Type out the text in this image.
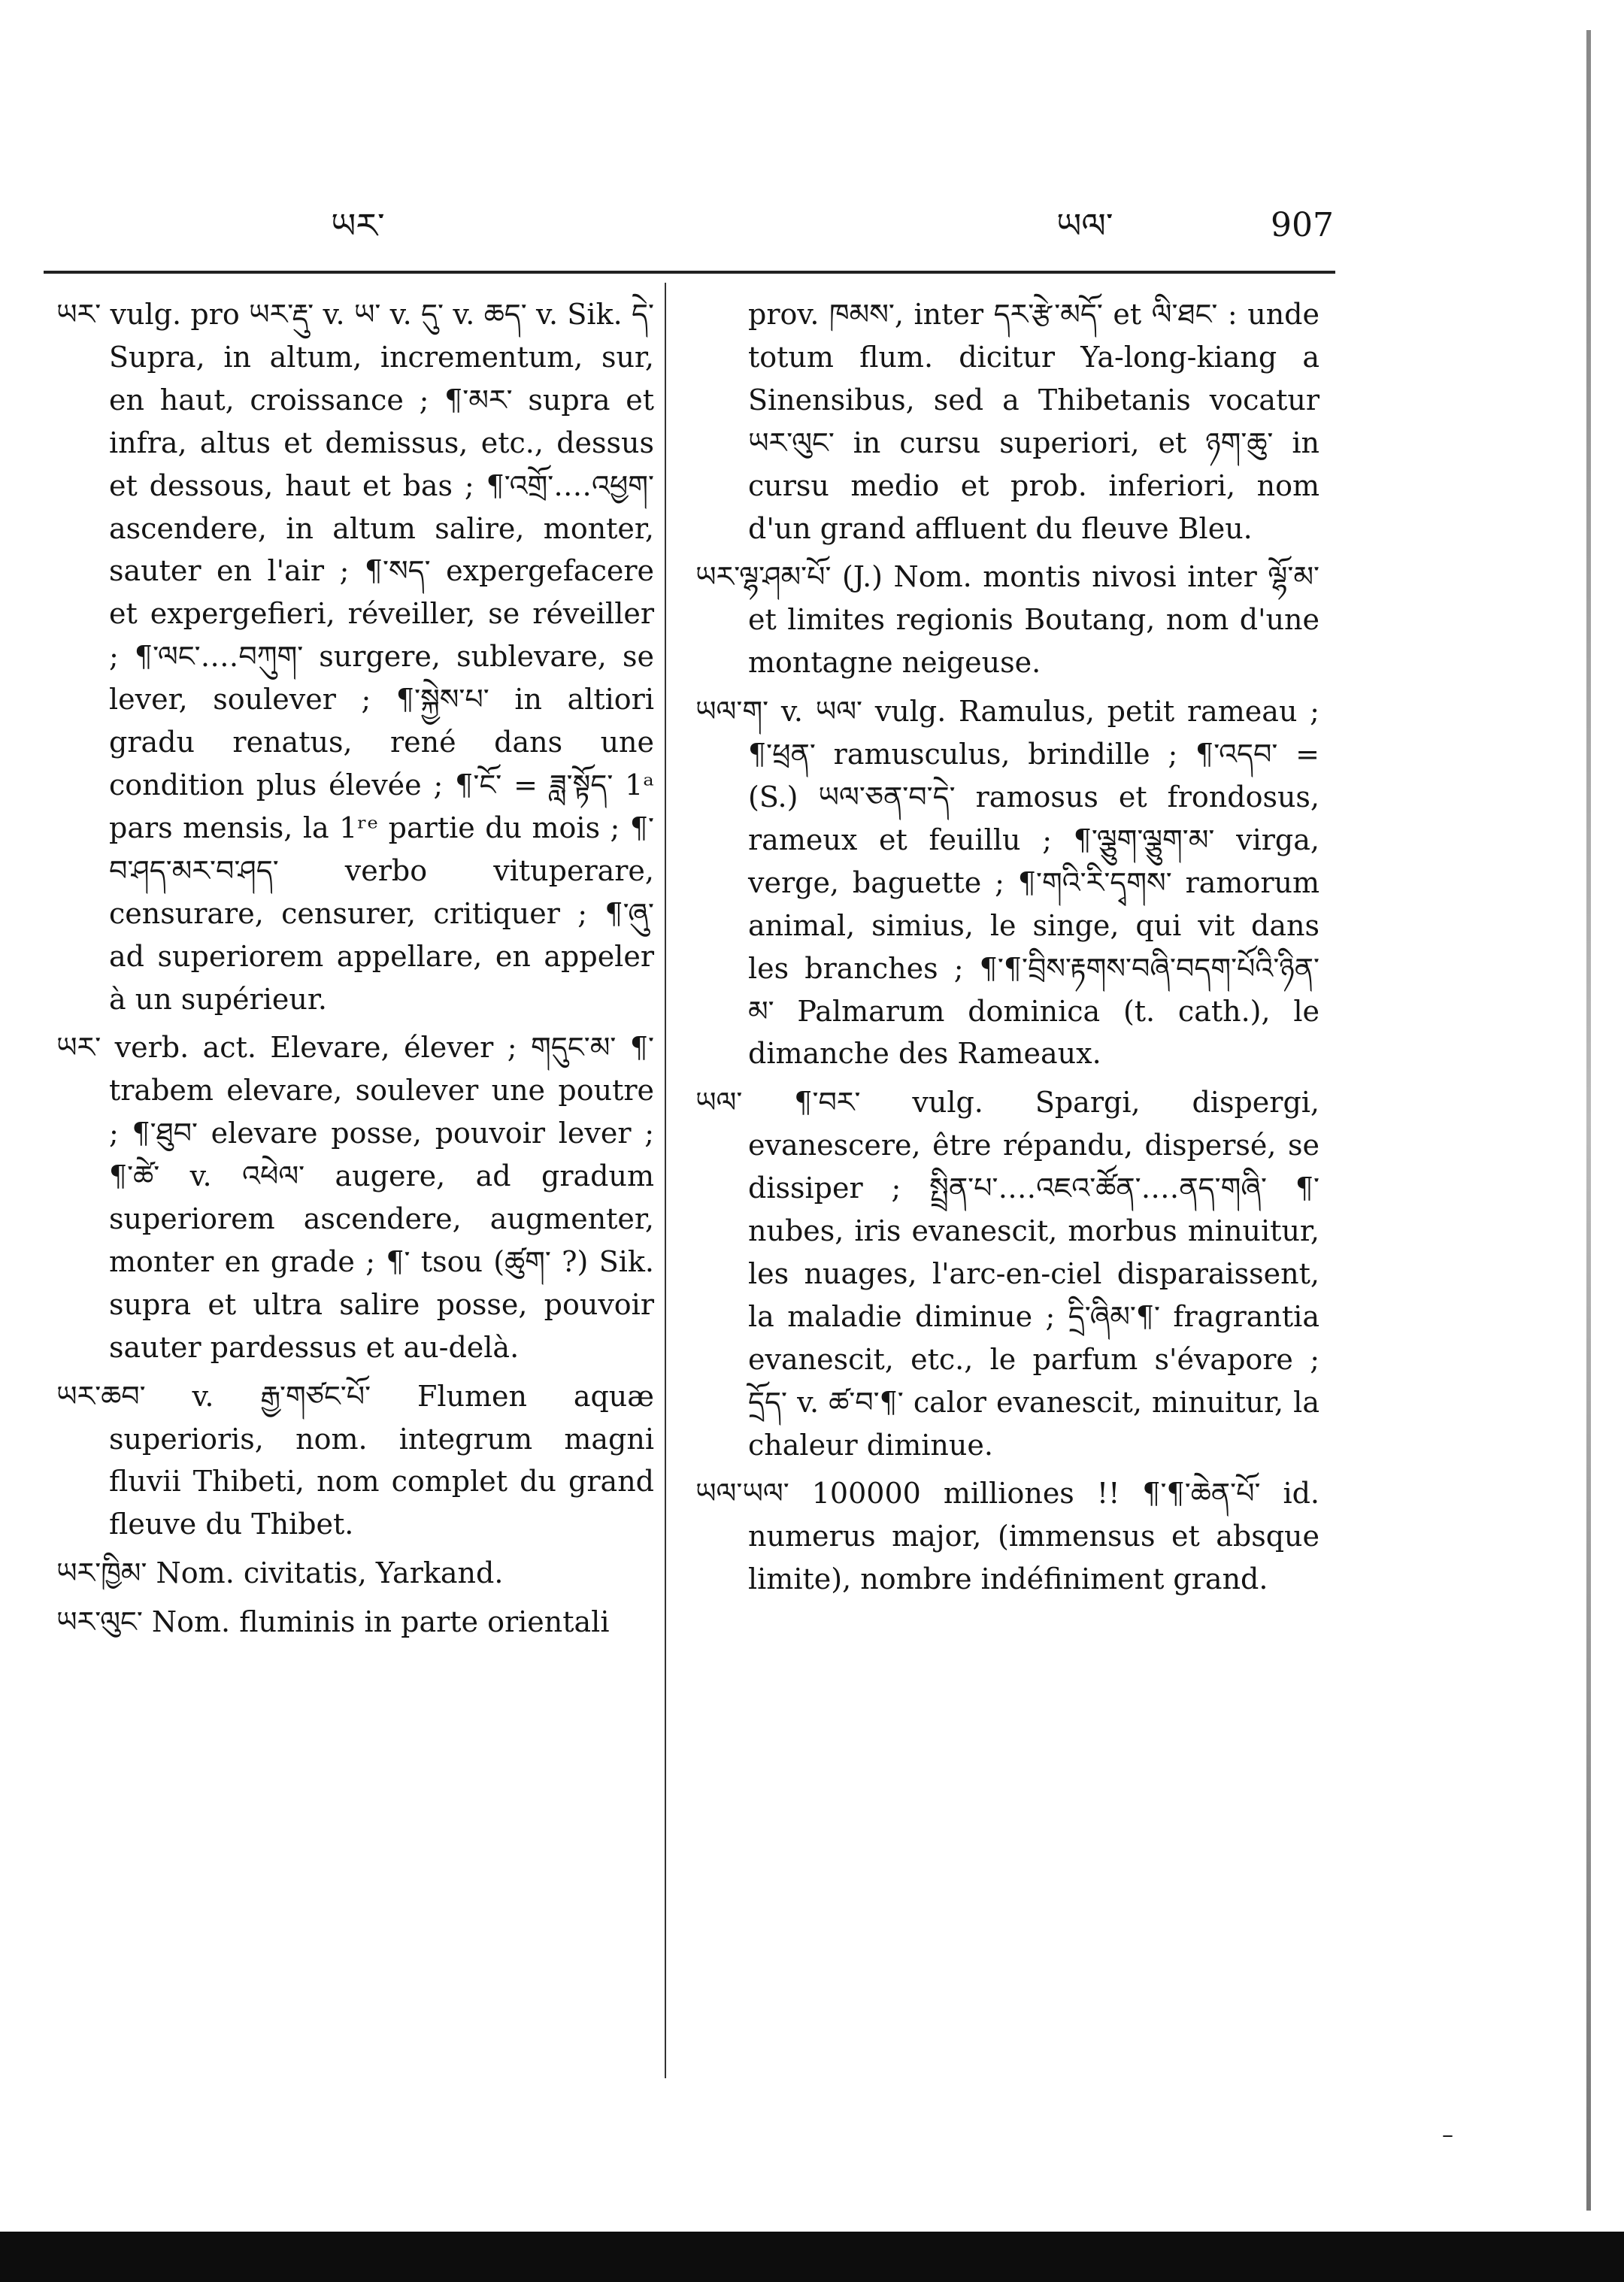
ཡར་	ཡལ་	907

ཡར་ vulg. pro ཡར་རྡུ་ v. ཡ་ v. དུ་ v. ཆད་ v. Sik. དེ་ Supra, in altum, incrementum, sur, en haut, croissance ; ¶་མར་ supra et infra, altus et demissus, etc., dessus et dessous, haut et bas ; ¶་འགྲོ་‥‥འཕྱག་ ascendere, in altum salire, monter, sauter en l'air ; ¶་སད་ expergefacere et expergefieri, réveiller, se réveiller ; ¶་ལང་‥‥བཀུག་ surgere, sublevare, se lever, soulever ; ¶་སྐྱེས་པ་ in altiori gradu renatus, rené dans une condition plus élevée ; ¶་ངོ་ = ཟླ་སྟོད་ 1ᵃ pars mensis, la 1ʳᵉ partie du mois ; ¶་བ་ཤད་མར་བ་ཤད་ verbo vituperare, censurare, censurer, critiquer ; ¶་ཞུ་ ad superiorem appellare, en appeler à un supérieur.

ཡར་ verb. act. Elevare, élever ; གདུང་མ་ ¶་ trabem elevare, soulever une poutre ; ¶་ཐུབ་ elevare posse, pouvoir lever ; ¶་ཚེ་ v. འཕེལ་ augere, ad gradum superiorem ascendere, augmenter, monter en grade ; ¶་ tsou (ཚུག་ ?) Sik. supra et ultra salire posse, pouvoir sauter pardessus et au-delà.

ཡར་ཆབ་ v. རྒྱ་གཙང་པོ་ Flumen aquæ superioris, nom. integrum magni fluvii Thibeti, nom complet du grand fleuve du Thibet.

ཡར་ཁྱིམ་ Nom. civitatis, Yarkand.

ཡར་ལུང་ Nom. fluminis in parte orientali

prov. ཁམས་, inter དར་རྩེ་མདོ་ et ལི་ཐང་ : unde totum flum. dicitur Ya-long-kiang a Sinensibus, sed a Thibetanis vocatur ཡར་ལུང་ in cursu superiori, et ཉག་ཆུ་ in cursu medio et prob. inferiori, nom d'un grand affluent du fleuve Bleu.

ཡར་ལྷ་ཤམ་པོ་ (J.) Nom. montis nivosi inter ལྷོ་མ་ et limites regionis Boutang, nom d'une montagne neigeuse.

ཡལ་ག་ v. ཡལ་ vulg. Ramulus, petit rameau ; ¶་ཕྲན་ ramusculus, brindille ; ¶་འདབ་ = (S.) ཡལ་ཅན་བ་དེ་ ramosus et frondosus, rameux et feuillu ; ¶་ལྕུག་ལྕུག་མ་ virga, verge, baguette ; ¶་གའི་རི་དྭགས་ ramorum animal, simius, le singe, qui vit dans les branches ; ¶་¶་བྲིས་རྟགས་བཞི་བདག་པོའི་ཉིན་མ་ Palmarum dominica (t. cath.), le dimanche des Rameaux.

ཡལ་ ¶་བར་ vulg. Spargi, dispergi, evanescere, être répandu, dispersé, se dissiper ; སྤྲིན་པ་‥‥འཇའ་ཚོན་‥‥ནད་གཞི་ ¶་ nubes, iris evanescit, morbus minuitur, les nuages, l'arc-en-ciel disparaissent, la maladie diminue ; དྲི་ཞིམ་¶་ fragrantia evanescit, etc., le parfum s'évapore ; དྲོད་ v. ཚ་བ་¶་ calor evanescit, minuitur, la chaleur diminue.

ཡལ་ཡལ་ 100000 milliones !! ¶་¶་ཆེན་པོ་ id. numerus major, (immensus et absque limite), nombre indéfiniment grand.

–
